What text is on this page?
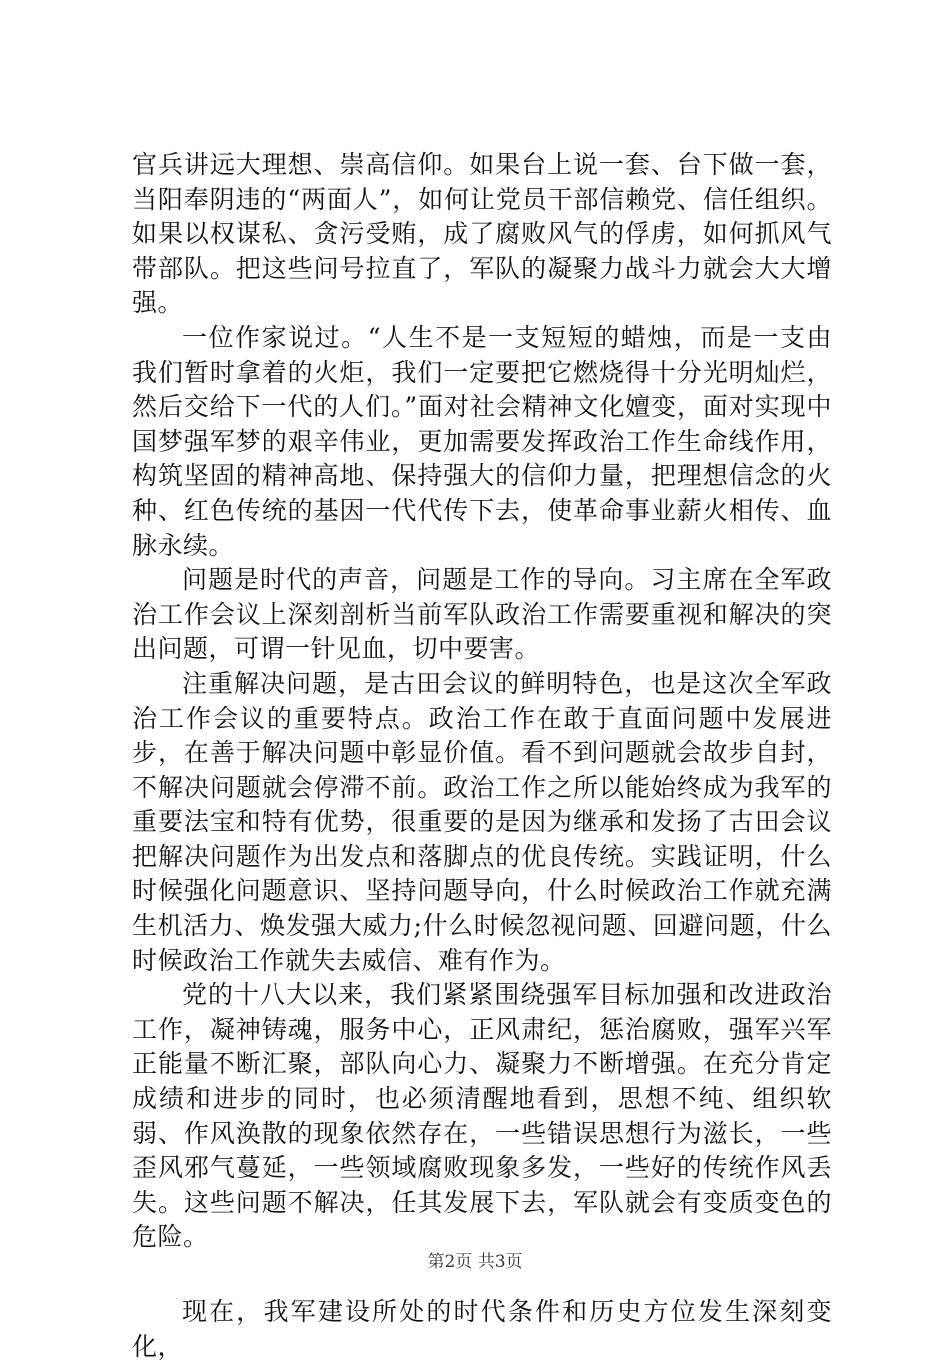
官兵讲远大理想、崇高信仰。如果台上说一套、台下做一套，当阳奉阴违的“两面人”，如何让党员干部信赖党、信任组织。如果以权谋私、贪污受贿，成了腐败风气的俘虏，如何抓风气带部队。把这些问号拉直了，军队的凝聚力战斗力就会大大增强。

一位作家说过。“人生不是一支短短的蜡烛，而是一支由我们暂时拿着的火炬，我们一定要把它燃烧得十分光明灿烂，然后交给下一代的人们。”面对社会精神文化嬗变，面对实现中国梦强军梦的艰辛伟业，更加需要发挥政治工作生命线作用，构筑坚固的精神高地、保持强大的信仰力量，把理想信念的火种、红色传统的基因一代代传下去，使革命事业薪火相传、血脉永续。

问题是时代的声音，问题是工作的导向。习主席在全军政治工作会议上深刻剖析当前军队政治工作需要重视和解决的突出问题，可谓一针见血，切中要害。

注重解决问题，是古田会议的鲜明特色，也是这次全军政治工作会议的重要特点。政治工作在敢于直面问题中发展进步，在善于解决问题中彰显价值。看不到问题就会故步自封，不解决问题就会停滞不前。政治工作之所以能始终成为我军的重要法宝和特有优势，很重要的是因为继承和发扬了古田会议把解决问题作为出发点和落脚点的优良传统。实践证明，什么时候强化问题意识、坚持问题导向，什么时候政治工作就充满生机活力、焕发强大威力;什么时候忽视问题、回避问题，什么时候政治工作就失去威信、难有作为。

党的十八大以来，我们紧紧围绕强军目标加强和改进政治工作，凝神铸魂，服务中心，正风肃纪，惩治腐败，强军兴军正能量不断汇聚，部队向心力、凝聚力不断增强。在充分肯定成绩和进步的同时，也必须清醒地看到，思想不纯、组织软弱、作风涣散的现象依然存在，一些错误思想行为滋长，一些歪风邪气蔓延，一些领域腐败现象多发，一些好的传统作风丢失。这些问题不解决，任其发展下去，军队就会有变质变色的危险。

现在，我军建设所处的时代条件和历史方位发生深刻变化，

第2页 共3页
